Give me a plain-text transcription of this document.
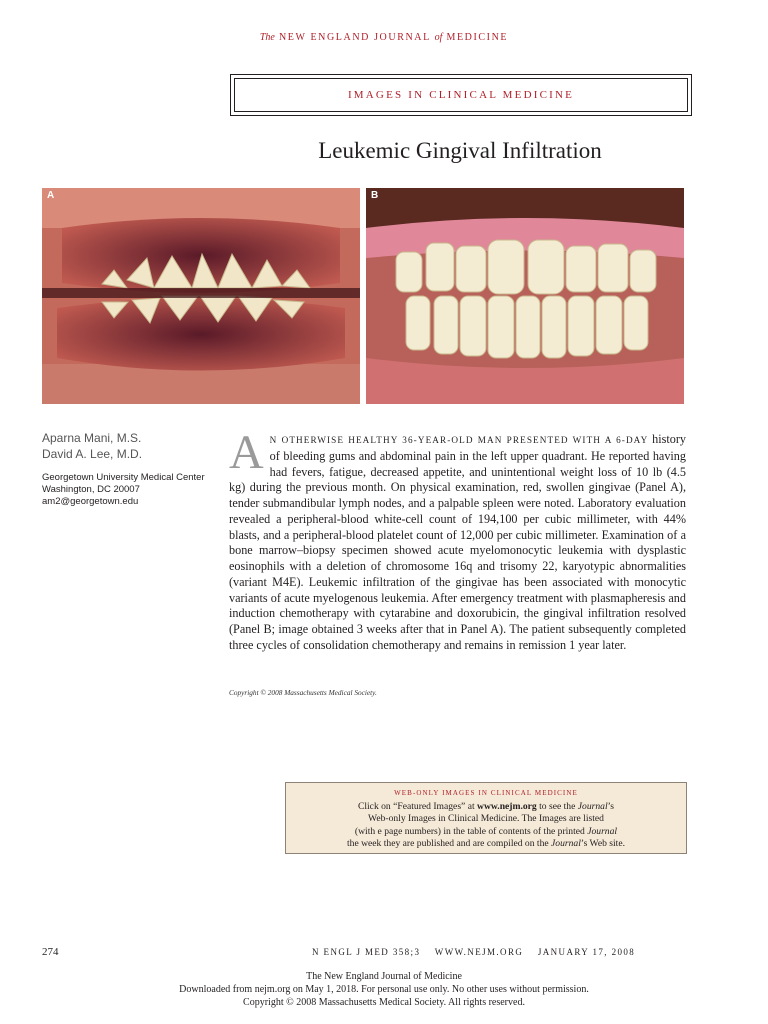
The NEW ENGLAND JOURNAL of MEDICINE
IMAGES IN CLINICAL MEDICINE
Leukemic Gingival Infiltration
A	B
Aparna Mani, M.S.
David A. Lee, M.D.
Georgetown University Medical Center
Washington, DC 20007
am2@georgetown.edu

AN OTHERWISE HEALTHY 36-YEAR-OLD MAN PRESENTED WITH A 6-DAY history of bleeding gums and abdominal pain in the left upper quadrant. He reported having had fevers, fatigue, decreased appetite, and unintentional weight loss of 10 lb (4.5 kg) during the previous month. On physical examination, red, swollen gingivae (Panel A), tender submandibular lymph nodes, and a palpable spleen were noted. Laboratory evaluation revealed a peripheral-blood white-cell count of 194,100 per cubic millimeter, with 44% blasts, and a peripheral-blood platelet count of 12,000 per cubic millimeter. Examination of a bone marrow–biopsy specimen showed acute myelomonocytic leukemia with dysplastic eosinophils with a deletion of chromosome 16q and trisomy 22, karyotypic abnormalities (variant M4E). Leukemic infiltration of the gingivae has been associated with monocytic variants of acute myelogenous leukemia. After emergency treatment with plasmapheresis and induction chemotherapy with cytarabine and doxorubicin, the gingival infiltration resolved (Panel B; image obtained 3 weeks after that in Panel A). The patient subsequently completed three cycles of consolidation chemotherapy and remains in remission 1 year later.

Copyright © 2008 Massachusetts Medical Society.
WEB-ONLY IMAGES IN CLINICAL MEDICINE
Click on “Featured Images” at www.nejm.org to see the Journal’s
Web-only Images in Clinical Medicine. The Images are listed
(with e page numbers) in the table of contents of the printed Journal
the week they are published and are compiled on the Journal’s Web site.
274	N ENGL J MED 358;3    WWW.NEJM.ORG    JANUARY 17, 2008
The New England Journal of Medicine
Downloaded from nejm.org on May 1, 2018. For personal use only. No other uses without permission.
Copyright © 2008 Massachusetts Medical Society. All rights reserved.
